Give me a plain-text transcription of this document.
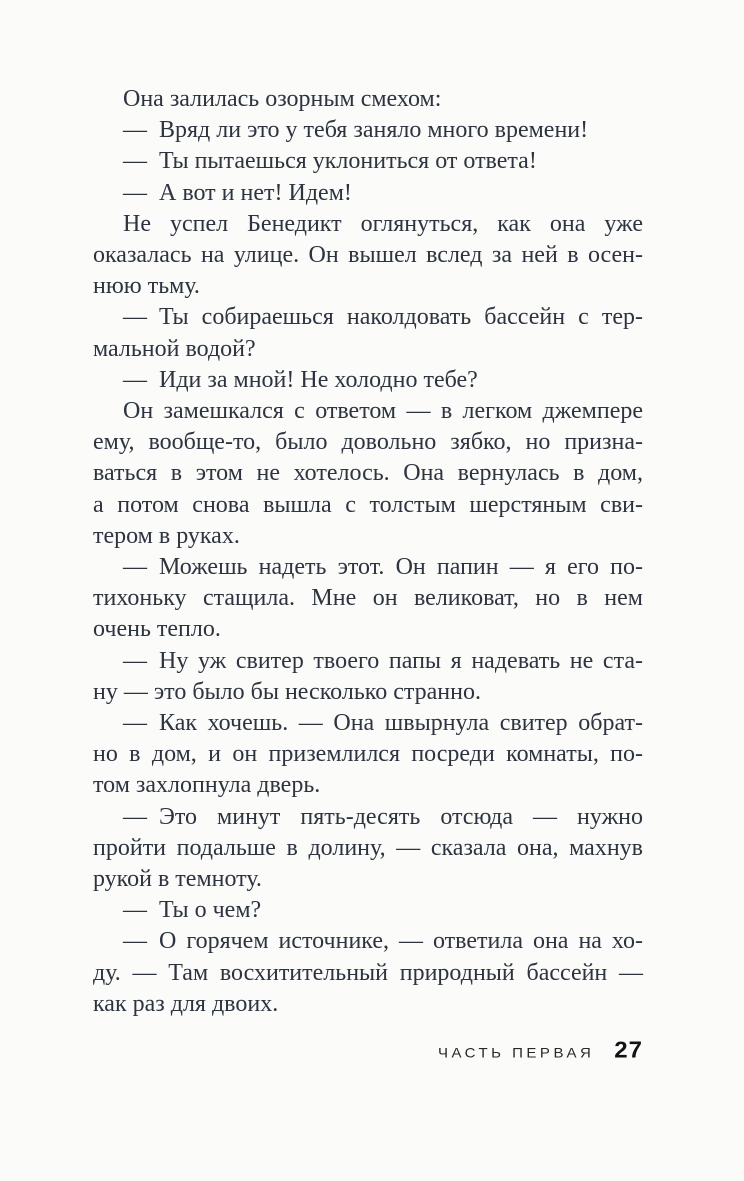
Она залилась озорным смехом:
— Вряд ли это у тебя заняло много времени!
— Ты пытаешься уклониться от ответа!
— А вот и нет! Идем!
Не успел Бенедикт оглянуться, как она уже
оказалась на улице. Он вышел вслед за ней в осен-
нюю тьму.
— Ты собираешься наколдовать бассейн с тер-
мальной водой?
— Иди за мной! Не холодно тебе?
Он замешкался с ответом — в легком джемпере
ему, вообще-то, было довольно зябко, но призна-
ваться в этом не хотелось. Она вернулась в дом,
а потом снова вышла с толстым шерстяным сви-
тером в руках.
— Можешь надеть этот. Он папин — я его по-
тихоньку стащила. Мне он великоват, но в нем
очень тепло.
— Ну уж свитер твоего папы я надевать не ста-
ну — это было бы несколько странно.
— Как хочешь. — Она швырнула свитер обрат-
но в дом, и он приземлился посреди комнаты, по-
том захлопнула дверь.
— Это минут пять-десять отсюда — нужно
пройти подальше в долину, — сказала она, махнув
рукой в темноту.
— Ты о чем?
— О горячем источнике, — ответила она на хо-
ду. — Там восхитительный природный бассейн —
как раз для двоих.
ЧАСТЬ ПЕРВАЯ 27
